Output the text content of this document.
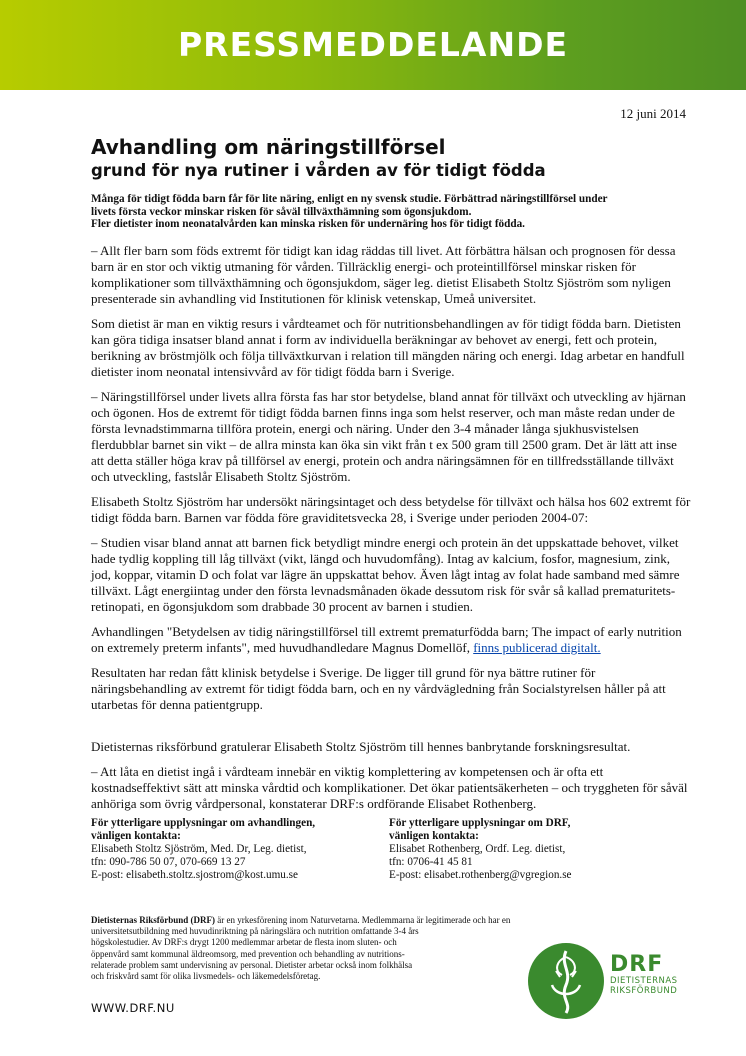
PRESSMEDDELANDE
12 juni 2014
Avhandling om näringstillförsel
grund för nya rutiner i vården av för tidigt födda
Många för tidigt födda barn får för lite näring, enligt en ny svensk studie. Förbättrad näringstillförsel under
livets första veckor minskar risken för såväl tillväxthämning som ögonsjukdom.
Fler dietister inom neonatalvården kan minska risken för undernäring hos för tidigt födda.

– Allt fler barn som föds extremt för tidigt kan idag räddas till livet. Att förbättra hälsan och prognosen för dessa barn är en stor och viktig utmaning för vården. Tillräcklig energi- och proteintillförsel minskar risken för komplikationer som tillväxthämning och ögonsjukdom, säger leg. dietist Elisabeth Stoltz Sjöström som nyligen presenterade sin avhandling vid Institutionen för klinisk vetenskap, Umeå universitet.

Som dietist är man en viktig resurs i vårdteamet och för nutritionsbehandlingen av för tidigt födda barn. Dietisten kan göra tidiga insatser bland annat i form av individuella beräkningar av behovet av energi, fett och protein, berikning av bröstmjölk och följa tillväxtkurvan i relation till mängden näring och energi. Idag arbetar en handfull dietister inom neonatal intensivvård av för tidigt födda barn i Sverige.

– Näringstillförsel under livets allra första fas har stor betydelse, bland annat för tillväxt och utveckling av hjärnan och ögonen. Hos de extremt för tidigt födda barnen finns inga som helst reserver, och man måste redan under de första levnadstimmarna tillföra protein, energi och näring. Under den 3-4 månader långa sjukhusvistelsen flerdubblar barnet sin vikt – de allra minsta kan öka sin vikt från t ex 500 gram till 2500 gram. Det är lätt att inse att detta ställer höga krav på tillförsel av energi, protein och andra näringsämnen för en tillfredsställande tillväxt och utveckling, fastslår Elisabeth Stoltz Sjöström.

Elisabeth Stoltz Sjöström har undersökt näringsintaget och dess betydelse för tillväxt och hälsa hos 602 extremt för tidigt födda barn. Barnen var födda före graviditetsvecka 28, i Sverige under perioden 2004-07:

– Studien visar bland annat att barnen fick betydligt mindre energi och protein än det uppskattade behovet, vilket hade tydlig koppling till låg tillväxt (vikt, längd och huvudomfång). Intag av kalcium, fosfor, magnesium, zink, jod, koppar, vitamin D och folat var lägre än uppskattat behov. Även lågt intag av folat hade samband med sämre tillväxt. Lågt energiintag under den första levnadsmånaden ökade dessutom risk för svår så kallad prematuritets-retinopati, en ögonsjukdom som drabbade 30 procent av barnen i studien.

Avhandlingen "Betydelsen av tidig näringstillförsel till extremt prematurfödda barn; The impact of early nutrition on extremely preterm infants", med huvudhandledare Magnus Domellöf, finns publicerad digitalt.

Resultaten har redan fått klinisk betydelse i Sverige. De ligger till grund för nya bättre rutiner för näringsbehandling av extremt för tidigt födda barn, och en ny vårdvägledning från Socialstyrelsen håller på att utarbetas för denna patientgrupp.

Dietisternas riksförbund gratulerar Elisabeth Stoltz Sjöström till hennes banbrytande forskningsresultat.

– Att låta en dietist ingå i vårdteam innebär en viktig komplettering av kompetensen och är ofta ett kostnadseffektivt sätt att minska vårdtid och komplikationer. Det ökar patientsäkerheten – och tryggheten för såväl anhöriga som övrig vårdpersonal, konstaterar DRF:s ordförande Elisabet Rothenberg.

För ytterligare upplysningar om avhandlingen,
vänligen kontakta:
Elisabeth Stoltz Sjöström, Med. Dr, Leg. dietist,
tfn: 090-786 50 07, 070-669 13 27
E-post: elisabeth.stoltz.sjostrom@kost.umu.se
För ytterligare upplysningar om DRF,
vänligen kontakta:
Elisabet Rothenberg, Ordf. Leg. dietist,
tfn: 0706-41 45 81
E-post: elisabet.rothenberg@vgregion.se
Dietisternas Riksförbund (DRF) är en yrkesförening inom Naturvetarna. Medlemmarna är legitimerade och har en
universitetsutbildning med huvudinriktning på näringslära och nutrition omfattande 3-4 års
högskolestudier. Av DRF:s drygt 1200 medlemmar arbetar de flesta inom sluten- och
öppenvård samt kommunal äldreomsorg, med prevention och behandling av nutritions-
relaterade problem samt undervisning av personal. Dietister arbetar också inom folkhälsa
och friskvård samt för olika livsmedels- och läkemedelsföretag.
WWW.DRF.NU
DRF
DIETISTERNAS
RIKSFÖRBUND
